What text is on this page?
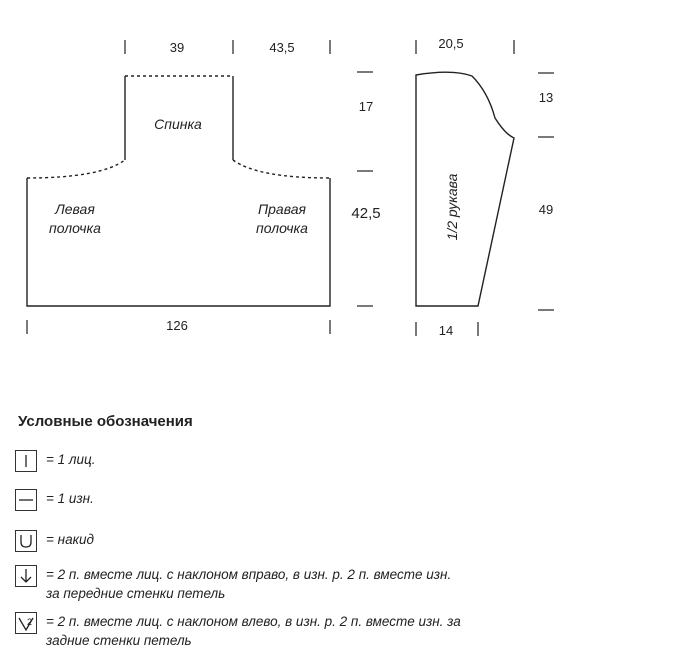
39	43,5
126
17
42,5
20,5
13
49
14
Спинка
Левая
полочка
Правая
полочка	1/2 рукава
Условные обозначения
= 1 лиц.
= 1 изн.
= накид
= 2 п. вместе лиц. с наклоном вправо, в изн. р. 2 п. вместе изн.
за передние стенки петель
2 = 2 п. вместе лиц. с наклоном влево, в изн. р. 2 п. вместе изн. за
задние стенки петель
